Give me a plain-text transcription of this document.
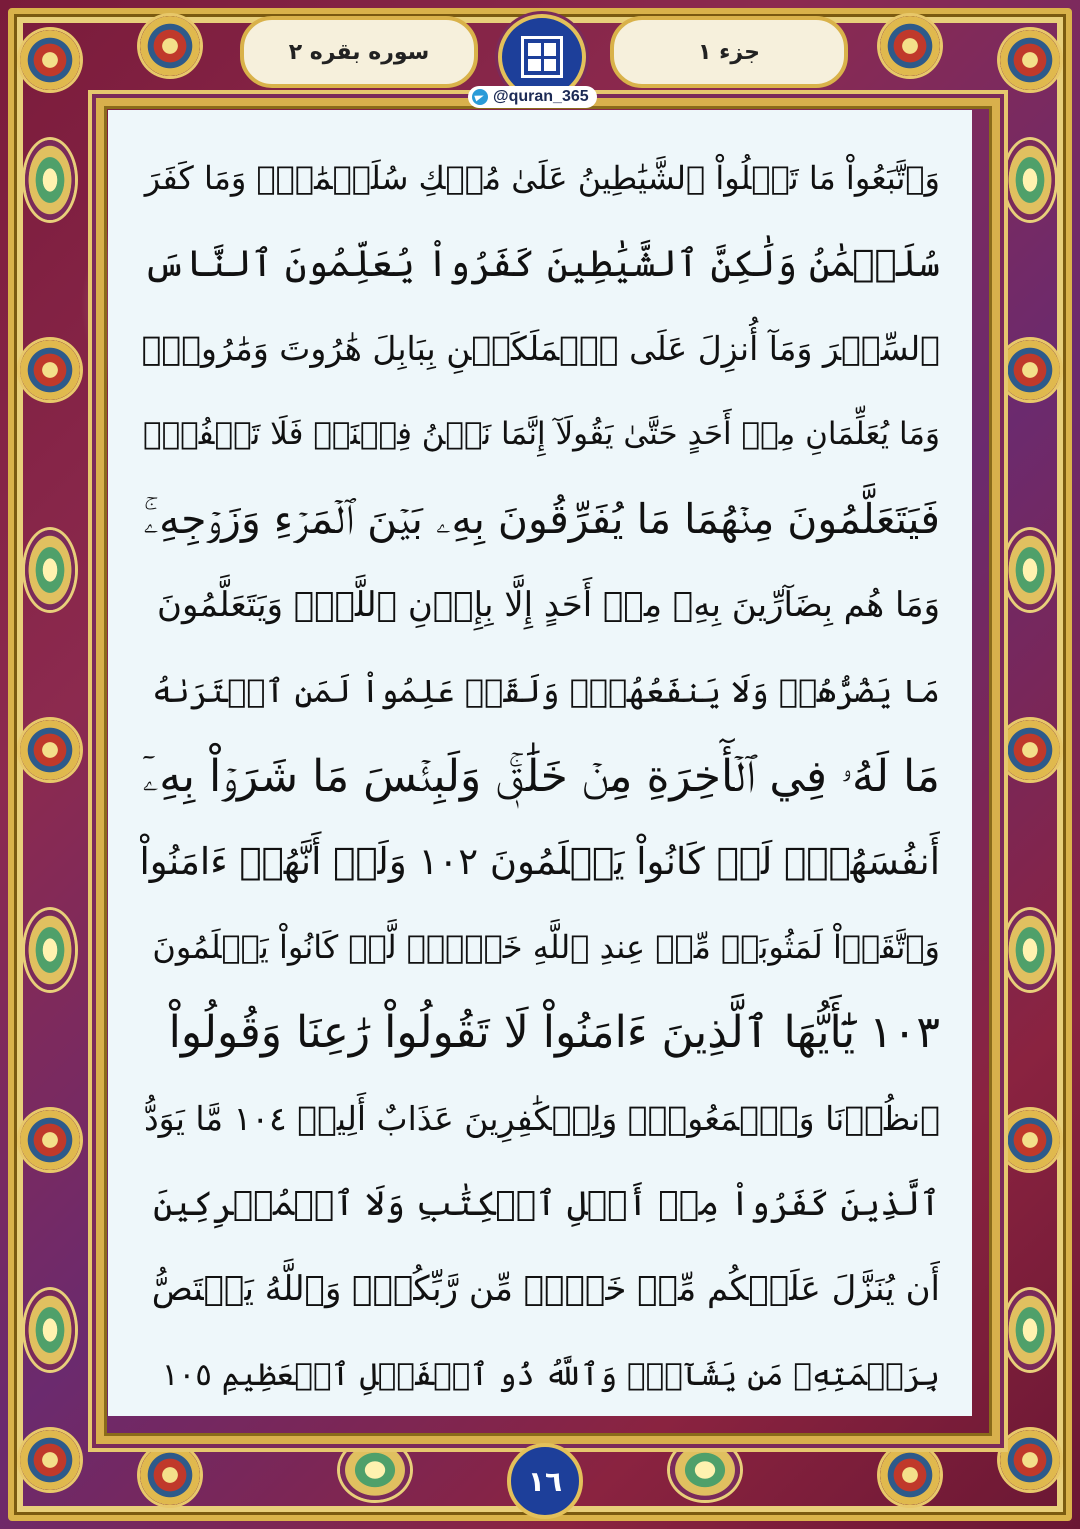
سوره بقره ۲	جزء ۱
@quran_365
وَٱتَّبَعُواْ مَا تَتۡلُواْ ٱلشَّيَٰطِينُ عَلَىٰ مُلۡكِ سُلَيۡمَٰنَۖ وَمَا كَفَرَ
سُلَيۡمَٰنُ وَلَٰكِنَّ ٱلشَّيَٰطِينَ كَفَرُواْ يُعَلِّمُونَ ٱلنَّاسَ
ٱلسِّحۡرَ وَمَآ أُنزِلَ عَلَى ٱلۡمَلَكَيۡنِ بِبَابِلَ هَٰرُوتَ وَمَٰرُوتَۚ
وَمَا يُعَلِّمَانِ مِنۡ أَحَدٍ حَتَّىٰ يَقُولَآ إِنَّمَا نَحۡنُ فِتۡنَةٞ فَلَا تَكۡفُرۡۖ
فَيَتَعَلَّمُونَ مِنۡهُمَا مَا يُفَرِّقُونَ بِهِۦ بَيۡنَ ٱلۡمَرۡءِ وَزَوۡجِهِۦۚ
وَمَا هُم بِضَآرِّينَ بِهِۦ مِنۡ أَحَدٍ إِلَّا بِإِذۡنِ ٱللَّهِۚ وَيَتَعَلَّمُونَ
مَا يَضُرُّهُمۡ وَلَا يَنفَعُهُمۡۚ وَلَقَدۡ عَلِمُواْ لَمَنِ ٱشۡتَرَىٰهُ
مَا لَهُۥ فِي ٱلۡأٓخِرَةِ مِنۡ خَلَٰقٖۚ وَلَبِئۡسَ مَا شَرَوۡاْ بِهِۦٓ
أَنفُسَهُمۡۚ لَوۡ كَانُواْ يَعۡلَمُونَ ١٠٢ وَلَوۡ أَنَّهُمۡ ءَامَنُواْ
وَٱتَّقَوۡاْ لَمَثُوبَةٞ مِّنۡ عِندِ ٱللَّهِ خَيۡرٞۚ لَّوۡ كَانُواْ يَعۡلَمُونَ
١٠٣ يَٰٓأَيُّهَا ٱلَّذِينَ ءَامَنُواْ لَا تَقُولُواْ رَٰعِنَا وَقُولُواْ
ٱنظُرۡنَا وَٱسۡمَعُواْۗ وَلِلۡكَٰفِرِينَ عَذَابٌ أَلِيمٞ ١٠٤ مَّا يَوَدُّ
ٱلَّذِينَ كَفَرُواْ مِنۡ أَهۡلِ ٱلۡكِتَٰبِ وَلَا ٱلۡمُشۡرِكِينَ
أَن يُنَزَّلَ عَلَيۡكُم مِّنۡ خَيۡرٖ مِّن رَّبِّكُمۡۚ وَٱللَّهُ يَخۡتَصُّ
بِرَحۡمَتِهِۦ مَن يَشَآءُۚ وَٱللَّهُ ذُو ٱلۡفَضۡلِ ٱلۡعَظِيمِ ١٠٥
١٦
